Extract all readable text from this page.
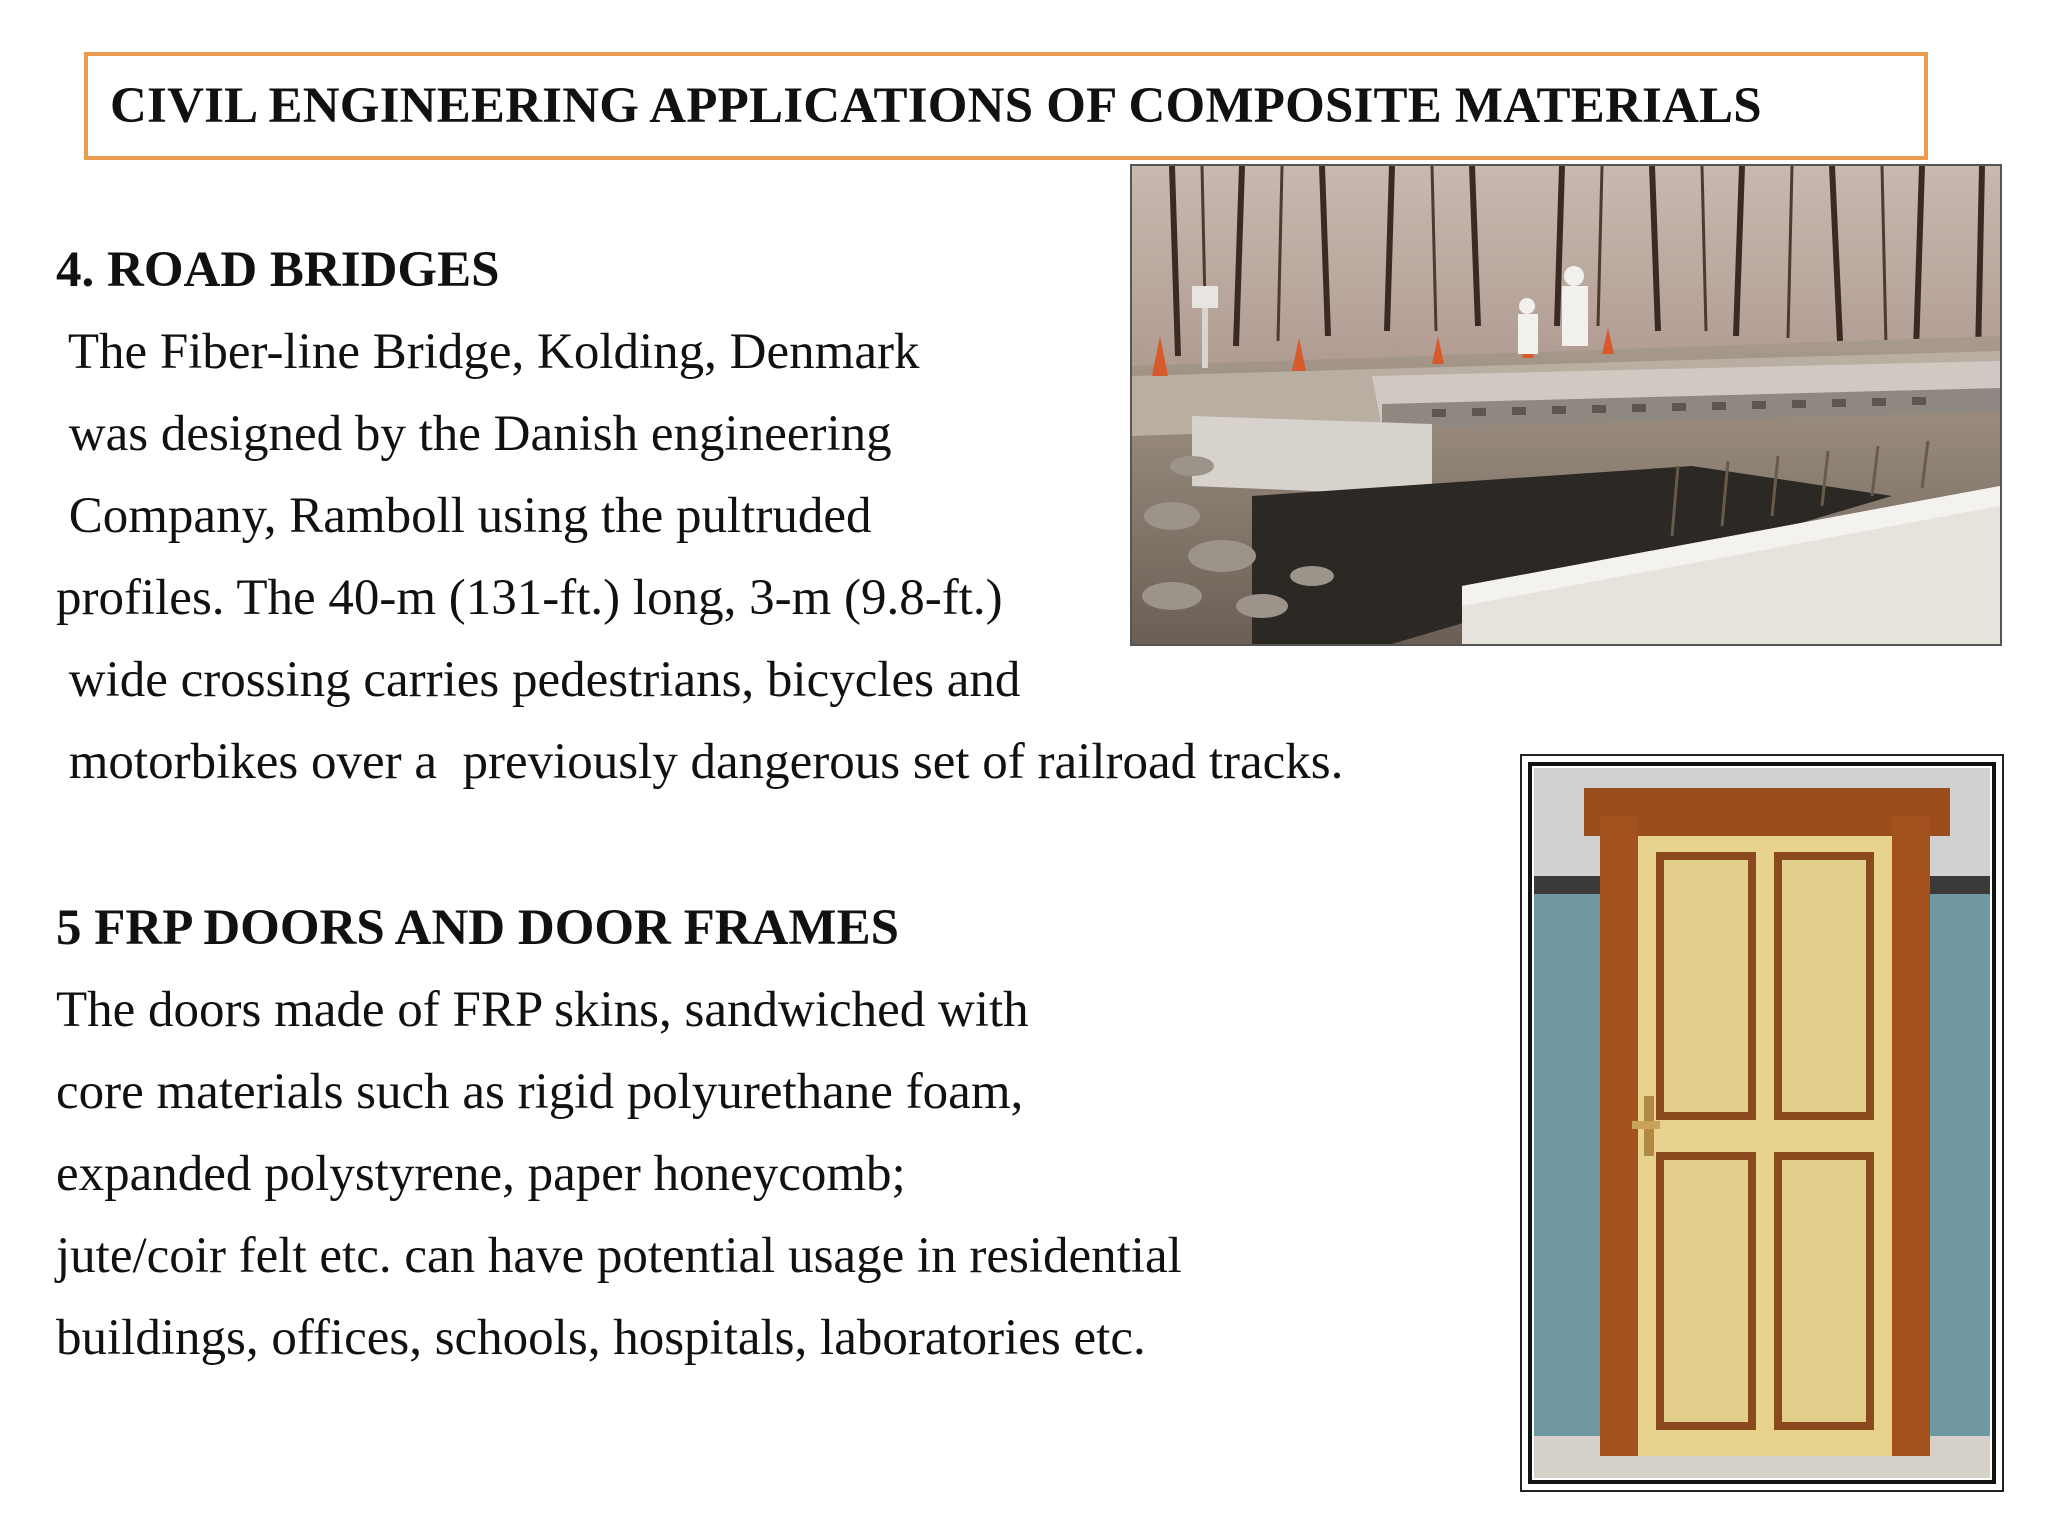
CIVIL ENGINEERING APPLICATIONS OF COMPOSITE MATERIALS
4. ROAD BRIDGES
The Fiber-line Bridge, Kolding, Denmark
was designed by the Danish engineering
Company, Ramboll using the pultruded
profiles. The 40-m (131-ft.) long, 3-m (9.8-ft.)
wide crossing carries pedestrians, bicycles and
motorbikes over a  previously dangerous set of railroad tracks.
5 FRP DOORS AND DOOR FRAMES
The doors made of FRP skins, sandwiched with
core materials such as rigid polyurethane foam,
expanded polystyrene, paper honeycomb;
jute/coir felt etc. can have potential usage in residential
buildings, offices, schools, hospitals, laboratories etc.
